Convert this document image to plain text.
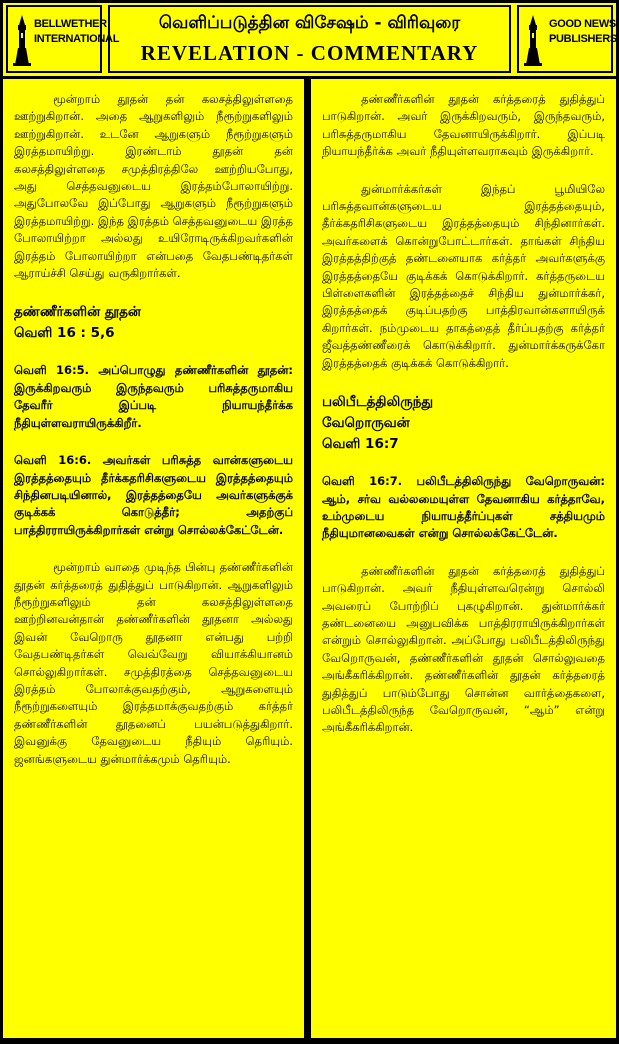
BELLWETHER
INTERNATIONAL
வெளிப்படுத்தின விசேஷம் - விரிவுரை
REVELATION - COMMENTARY
GOOD NEWS
PUBLISHERS

மூன்றாம் தூதன் தன் கலசத்திலுள்ளதை ஊற்றுகிறான். அதை ஆறுகளிலும் நீரூற்றுகளிலும் ஊற்றுகிறான். உடனே ஆறுகளும் நீரூற்றுகளும் இரத்தமாயிற்று. இரண்டாம் தூதன் தன் கலசத்திலுள்ளதை சமுத்திரத்திலே ஊற்றியபோது, அது செத்தவனுடைய இரத்தம்போலாயிற்று. அதுபோலவே இப்போது ஆறுகளும் நீரூற்றுகளும் இரத்தமாயிற்று. இந்த இரத்தம் செத்தவனுடைய இரத்த போலாயிற்றா அல்லது உயிரோடிருக்கிறவர்களின் இரத்தம் போலாயிற்றா என்பதை வேதபண்டிதர்கள் ஆராய்ச்சி செய்து வருகிறார்கள்.

தண்ணீர்களின் தூதன்
வெளி 16 : 5,6

வெளி 16:5. அப்பொழுது தண்ணீர்களின் தூதன்: இருக்கிறவரும் இருந்தவரும் பரிசுத்தருமாகிய தேவரீர் இப்படி நியாயந்தீர்க்க நீதியுள்ளவராயிருக்கிறீர்.

வெளி 16:6. அவர்கள் பரிசுத்த வான்களுடைய இரத்தத்தையும் தீர்க்கதரிசிகளுடைய இரத்தத்தையும் சிந்தினபடியினால், இரத்தத்தையே அவர்களுக்குக் குடிக்கக் கொடுத்தீர்; அதற்குப் பாத்திரராயிருக்கிறார்கள் என்று சொல்லக்கேட்டேன்.

மூன்றாம் வாதை முடிந்த பின்பு தண்ணீர்களின் தூதன் கர்த்தரைத் துதித்துப் பாடுகிறான். ஆறுகளிலும் நீரூற்றுகளிலும் தன் கலசத்திலுள்ளதை ஊற்றினவன்தான் தண்ணீர்களின் தூதனா அல்லது இவன் வேறொரு தூதனா என்பது பற்றி வேதபண்டிதர்கள் வெவ்வேறு வியாக்கியானம் சொல்லுகிறார்கள். சமுத்திரத்தை செத்தவனுடைய இரத்தம் போலாக்குவதற்கும், ஆறுகளையும் நீரூற்றுகளையும் இரத்தமாக்குவதற்கும் கர்த்தர் தண்ணீர்களின் தூதனைப் பயன்படுத்துகிறார். இவனுக்கு தேவனுடைய நீதியும் தெரியும். ஜனங்களுடைய துன்மார்க்கமும் தெரியும்.

தண்ணீர்களின் தூதன் கர்த்தரைத் துதித்துப் பாடுகிறான். அவர் இருக்கிறவரும், இருந்தவரும், பரிசுத்தருமாகிய தேவனாயிருக்கிறார். இப்படி நியாயந்தீர்க்க அவர் நீதியுள்ளவராகவும் இருக்கிறார்.

துன்மார்க்கர்கள் இந்தப் பூமியிலே பரிசுத்தவான்களுடைய இரத்தத்தையும், தீர்க்கதரிசிகளுடைய இரத்தத்தையும் சிந்தினார்கள். அவர்களைக் கொன்றுபோட்டார்கள். தாங்கள் சிந்திய இரத்தத்திற்குத் தண்டனையாக கர்த்தர் அவர்களுக்கு இரத்தத்தையே குடிக்கக் கொடுக்கிறார். கர்த்தருடைய பிள்ளைகளின் இரத்தத்தைச் சிந்திய துன்மார்க்கர், இரத்தத்தைக் குடிப்பதற்கு பாத்திரவான்களாயிருக் கிறார்கள். நம்முடைய தாகத்தைத் தீர்ப்பதற்கு கர்த்தர் ஜீவத்தண்ணீரைக் கொடுக்கிறார். துன்மார்க்கருக்கோ இரத்தத்தைக் குடிக்கக் கொடுக்கிறார்.

பலிபீடத்திலிருந்து
வேறொருவன்
வெளி 16:7

வெளி 16:7. பலிபீடத்திலிருந்து வேறொருவன்: ஆம், சர்வ வல்லமையுள்ள தேவனாகிய கர்த்தாவே, உம்முடைய நியாயத்தீர்ப்புகள் சத்தியமும் நீதியுமானவைகள் என்று சொல்லக்கேட்டேன்.

தண்ணீர்களின் தூதன் கர்த்தரைத் துதித்துப் பாடுகிறான். அவர் நீதியுள்ளவரென்று சொல்லி அவரைப் போற்றிப் புகழுகிறான். துன்மார்க்கர் தண்டனையை அனுபவிக்க பாத்திரராயிருக்கிறார்கள் என்றும் சொல்லுகிறான். அப்போது பலிபீடத்திலிருந்து வேறொருவன், தண்ணீர்களின் தூதன் சொல்லுவதை அங்கீகரிக்கிறான். தண்ணீர்களின் தூதன் கர்த்தரைத் துதித்துப் பாடும்போது சொன்ன வார்த்தைகளை, பலிபீடத்திலிருந்த வேறொருவன், “ஆம்” என்று அங்கீகரிக்கிறான்.
